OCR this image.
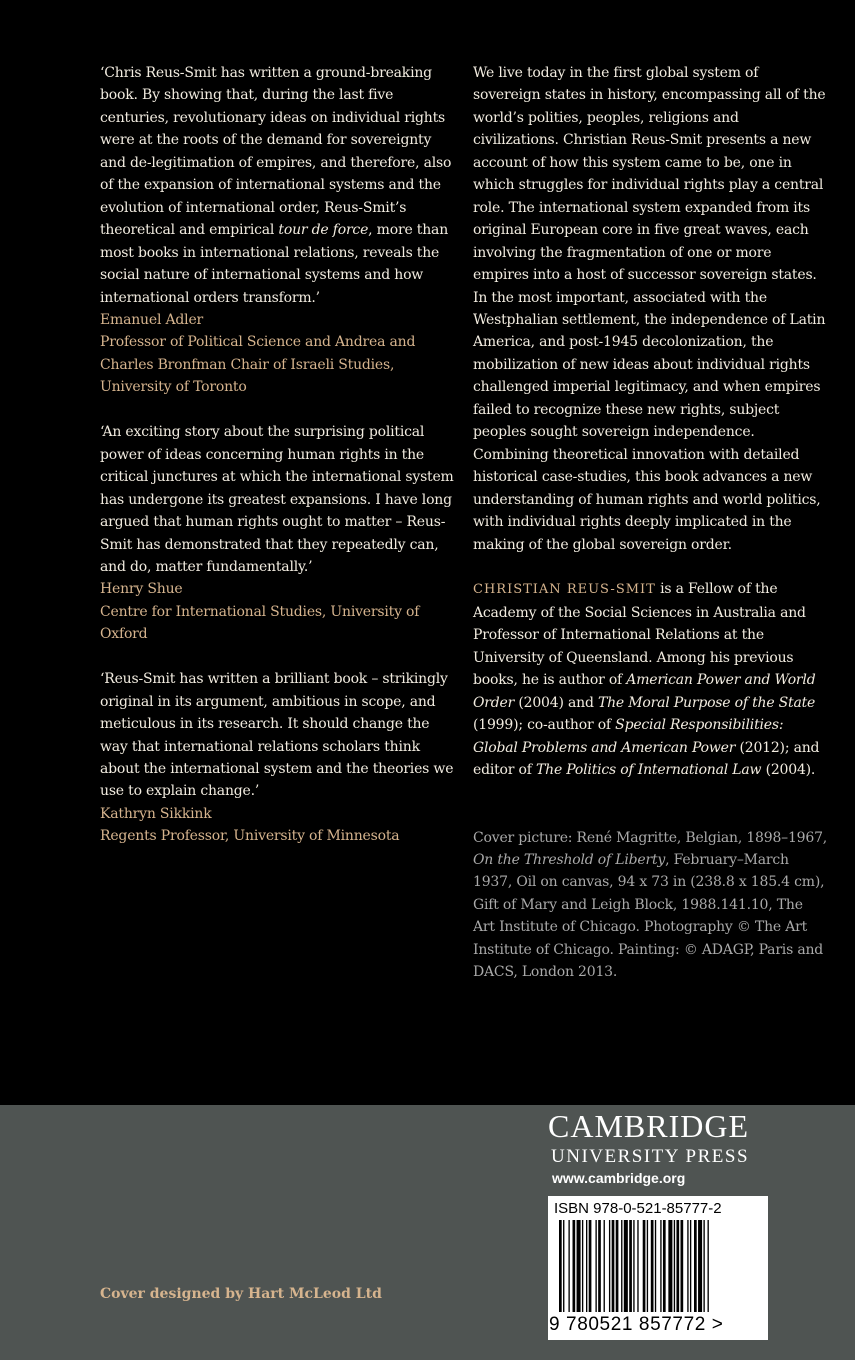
‘Chris Reus-Smit has written a ground-breaking book. By showing that, during the last five centuries, revolutionary ideas on individual rights were at the roots of the demand for sovereignty and de-legitimation of empires, and therefore, also of the expansion of international systems and the evolution of international order, Reus-Smit’s theoretical and empirical tour de force, more than most books in international relations, reveals the social nature of international systems and how international orders transform.’

Emanuel Adler

Professor of Political Science and Andrea and Charles Bronfman Chair of Israeli Studies, University of Toronto

‘An exciting story about the surprising political power of ideas concerning human rights in the critical junctures at which the international system has undergone its greatest expansions. I have long argued that human rights ought to matter – Reus-Smit has demonstrated that they repeatedly can, and do, matter fundamentally.’

Henry Shue

Centre for International Studies, University of Oxford

‘Reus-Smit has written a brilliant book – strikingly original in its argument, ambitious in scope, and meticulous in its research. It should change the way that international relations scholars think about the international system and the theories we use to explain change.’

Kathryn Sikkink

Regents Professor, University of Minnesota

We live today in the first global system of sovereign states in history, encompassing all of the world’s polities, peoples, religions and civilizations. Christian Reus-Smit presents a new account of how this system came to be, one in which struggles for individual rights play a central role. The international system expanded from its original European core in five great waves, each involving the fragmentation of one or more empires into a host of successor sovereign states. In the most important, associated with the Westphalian settlement, the independence of Latin America, and post-1945 decolonization, the mobilization of new ideas about individual rights challenged imperial legitimacy, and when empires failed to recognize these new rights, subject peoples sought sovereign independence. Combining theoretical innovation with detailed historical case-studies, this book advances a new understanding of human rights and world politics, with individual rights deeply implicated in the making of the global sovereign order.

CHRISTIAN REUS-SMIT is a Fellow of the Academy of the Social Sciences in Australia and Professor of International Relations at the University of Queensland. Among his previous books, he is author of American Power and World Order (2004) and The Moral Purpose of the State (1999); co-author of Special Responsibilities: Global Problems and American Power (2012); and editor of The Politics of International Law (2004).

Cover picture: René Magritte, Belgian, 1898–1967, On the Threshold of Liberty, February–March 1937, Oil on canvas, 94 x 73 in (238.8 x 185.4 cm), Gift of Mary and Leigh Block, 1988.141.10, The Art Institute of Chicago. Photography © The Art Institute of Chicago. Painting: © ADAGP, Paris and DACS, London 2013.

Cover designed by Hart McLeod Ltd
CAMBRIDGE
UNIVERSITY PRESS
www.cambridge.org
ISBN 978-0-521-85777-2
9 780521 857772 >
